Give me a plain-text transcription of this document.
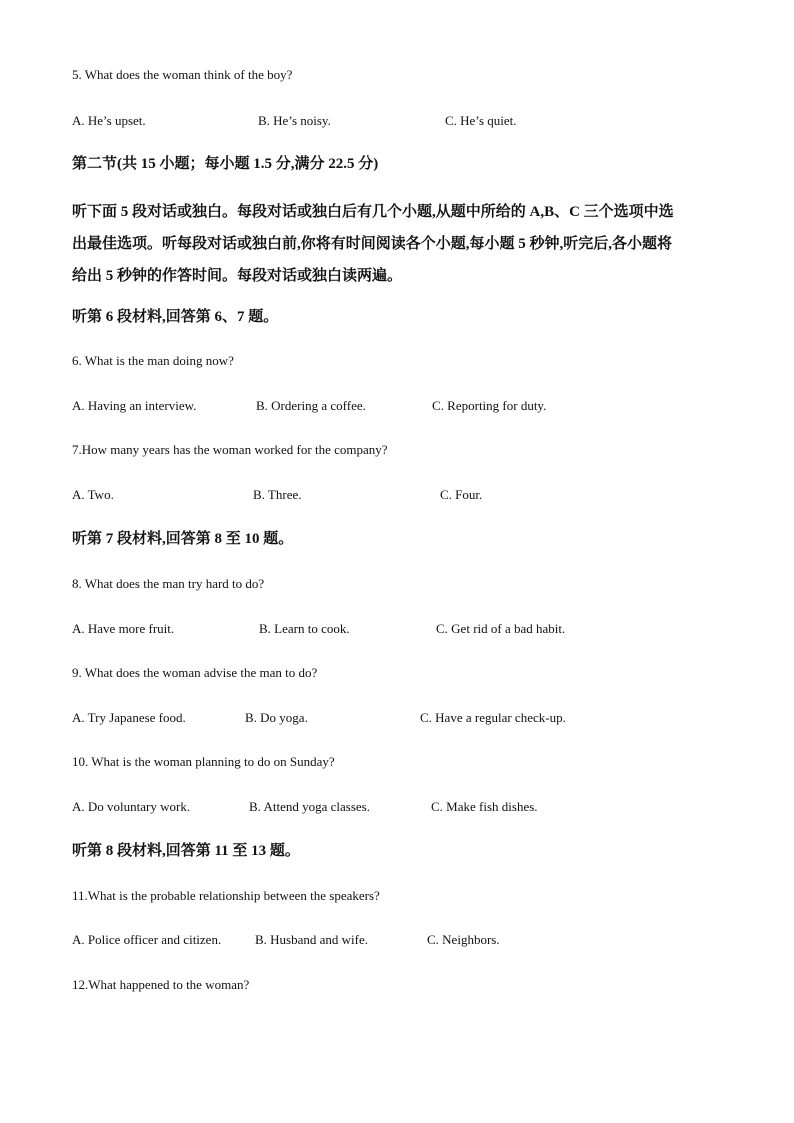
5. What does the woman think of the boy?
A. He’s upset.	B. He’s noisy.	C. He’s quiet.
第二节(共 15 小题；每小题 1.5 分,满分 22.5 分)
听下面 5 段对话或独白。每段对话或独白后有几个小题,从题中所给的 A,B、C 三个选项中选
出最佳选项。听每段对话或独白前,你将有时间阅读各个小题,每小题 5 秒钟,听完后,各小题将
给出 5 秒钟的作答时间。每段对话或独白读两遍。
听第 6 段材料,回答第 6、7 题。
6. What is the man doing now?
A. Having an interview.	B. Ordering a coffee.	C. Reporting for duty.
7.How many years has the woman worked for the company?
A. Two.	B. Three.	C. Four.
听第 7 段材料,回答第 8 至 10 题。
8. What does the man try hard to do?
A. Have more fruit.	B. Learn to cook.	C. Get rid of a bad habit.
9. What does the woman advise the man to do?
A. Try Japanese food.	B. Do yoga.	C. Have a regular check-up.
10. What is the woman planning to do on Sunday?
A. Do voluntary work.	B. Attend yoga classes.	C. Make fish dishes.
听第 8 段材料,回答第 11 至 13 题。
11.What is the probable relationship between the speakers?
A. Police officer and citizen.	B. Husband and wife.	C. Neighbors.
12.What happened to the woman?
